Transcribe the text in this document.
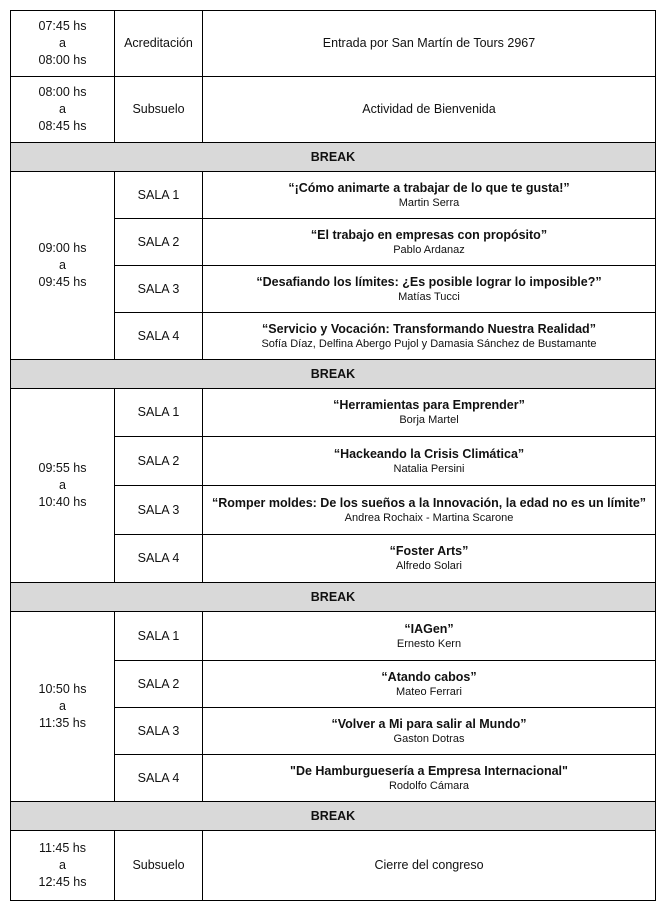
07:45 hs
a
08:00 hs	Acreditación	Entrada por San Martín de Tours 2967

08:00 hs
a
08:45 hs	Subsuelo	Actividad de Bienvenida
BREAK		

09:00 hs
a
09:45 hs	SALA 1	“¡Cómo animarte a trabajar de lo que te gusta!”
Martin Serra

	SALA 2	“El trabajo en empresas con propósito”
Pablo Ardanaz

	SALA 3	“Desafiando los límites: ¿Es posible lograr lo imposible?”
Matías Tucci

	SALA 4	“Servicio y Vocación: Transformando Nuestra Realidad”
Sofía Díaz, Delfina Abergo Pujol y Damasia Sánchez de Bustamante

BREAK		

09:55 hs
a
10:40 hs	SALA 1	“Herramientas para Emprender”
Borja Martel

	SALA 2	“Hackeando la Crisis Climática”
Natalia Persini

	SALA 3	“Romper moldes: De los sueños a la Innovación, la edad no es un límite”
Andrea Rochaix - Martina Scarone

	SALA 4	“Foster Arts”
Alfredo Solari

BREAK		

10:50 hs
a
11:35 hs	SALA 1	“IAGen”
Ernesto Kern

	SALA 2	“Atando cabos”
Mateo Ferrari

	SALA 3	“Volver a Mi para salir al Mundo”
Gaston Dotras

	SALA 4	"De Hamburguesería a Empresa Internacional"
Rodolfo Cámara

BREAK		

11:45 hs
a
12:45 hs	Subsuelo	Cierre del congreso
